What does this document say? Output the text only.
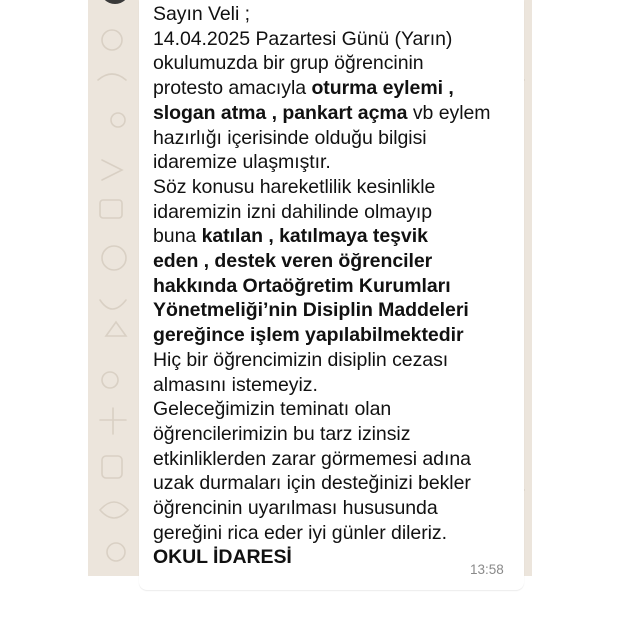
Sayın Veli ;
14.04.2025 Pazartesi Günü (Yarın)
okulumuzda bir grup öğrencinin
protesto amacıyla oturma eylemi ,
slogan atma , pankart açma vb eylem
hazırlığı içerisinde olduğu bilgisi
idaremize ulaşmıştır.
Söz konusu hareketlilik kesinlikle
idaremizin izni dahilinde olmayıp
buna katılan , katılmaya teşvik
eden , destek veren öğrenciler
hakkında Ortaöğretim Kurumları
Yönetmeliği’nin Disiplin Maddeleri
gereğince işlem yapılabilmektedir
Hiç bir öğrencimizin disiplin cezası
almasını istemeyiz.
Geleceğimizin teminatı olan
öğrencilerimizin bu tarz izinsiz
etkinliklerden zarar görmemesi adına
uzak durmaları için desteğinizi bekler
öğrencinin uyarılması hususunda
gereğini rica eder iyi günler dileriz.
OKUL İDARESİ

13:58
